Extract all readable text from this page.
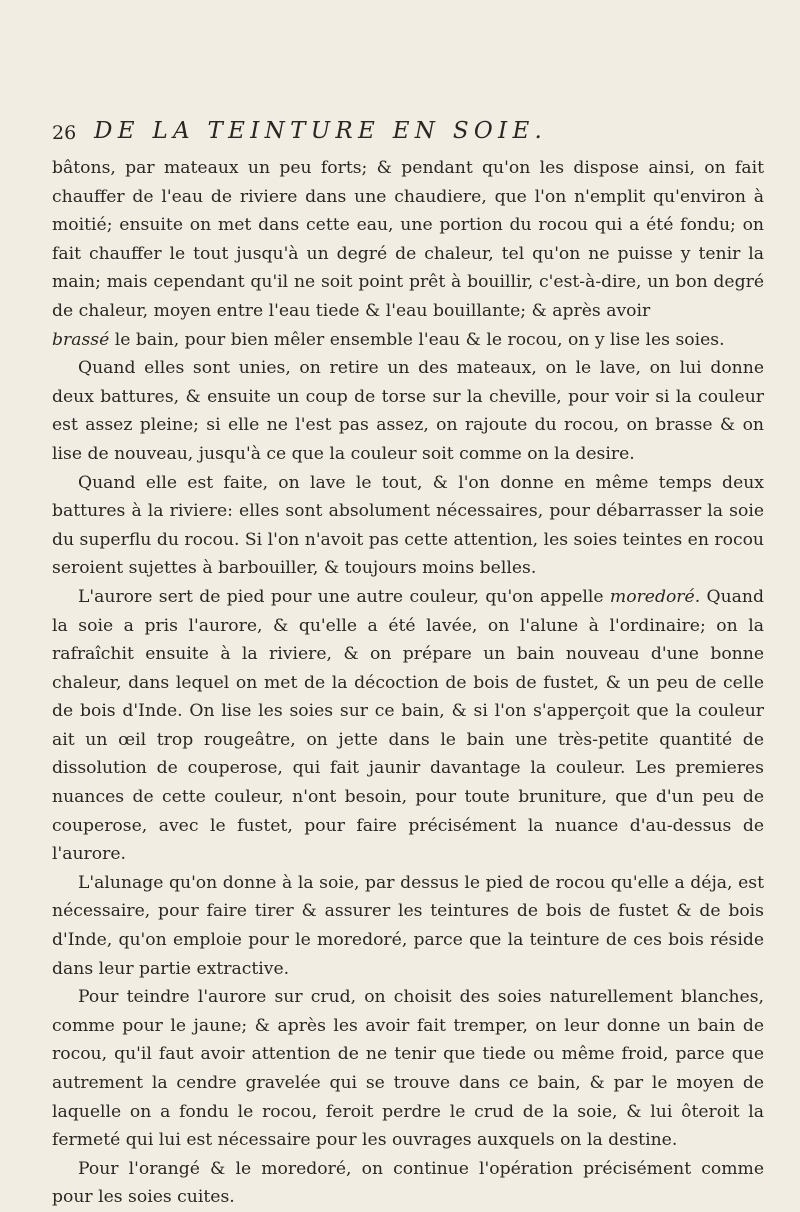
26 DE LA TEINTURE EN SOIE.

bâtons, par mateaux un peu forts; & pendant qu'on les dispose ainsi, on fait chauffer de l'eau de riviere dans une chaudiere, que l'on n'emplit qu'environ à moitié; ensuite on met dans cette eau, une portion du rocou qui a été fondu; on fait chauffer le tout jusqu'à un degré de chaleur, tel qu'on ne puisse y tenir la main; mais cependant qu'il ne soit point prêt à bouillir, c'est-à-dire, un bon degré de chaleur, moyen entre l'eau tiede & l'eau bouillante; & après avoir

brassé le bain, pour bien mêler ensemble l'eau & le rocou, on y lise les soies.

Quand elles sont unies, on retire un des mateaux, on le lave, on lui donne deux battures, & ensuite un coup de torse sur la cheville, pour voir si la couleur est assez pleine; si elle ne l'est pas assez, on rajoute du rocou, on brasse & on lise de nouveau, jusqu'à ce que la couleur soit comme on la desire.

Quand elle est faite, on lave le tout, & l'on donne en même temps deux battures à la riviere: elles sont absolument nécessaires, pour débarrasser la soie du superflu du rocou. Si l'on n'avoit pas cette attention, les soies teintes en rocou seroient sujettes à barbouiller, & toujours moins belles.

L'aurore sert de pied pour une autre couleur, qu'on appelle moredoré. Quand la soie a pris l'aurore, & qu'elle a été lavée, on l'alune à l'ordinaire; on la rafraîchit ensuite à la riviere, & on prépare un bain nouveau d'une bonne chaleur, dans lequel on met de la décoction de bois de fustet, & un peu de celle de bois d'Inde. On lise les soies sur ce bain, & si l'on s'apperçoit que la couleur ait un œil trop rougeâtre, on jette dans le bain une très-petite quantité de dissolution de couperose, qui fait jaunir davantage la couleur. Les premieres nuances de cette couleur, n'ont besoin, pour toute bruniture, que d'un peu de couperose, avec le fustet, pour faire précisément la nuance d'au-dessus de l'aurore.

L'alunage qu'on donne à la soie, par dessus le pied de rocou qu'elle a déja, est nécessaire, pour faire tirer & assurer les teintures de bois de fustet & de bois d'Inde, qu'on emploie pour le moredoré, parce que la teinture de ces bois réside dans leur partie extractive.

Pour teindre l'aurore sur crud, on choisit des soies naturellement blanches, comme pour le jaune; & après les avoir fait tremper, on leur donne un bain de rocou, qu'il faut avoir attention de ne tenir que tiede ou même froid, parce que autrement la cendre gravelée qui se trouve dans ce bain, & par le moyen de laquelle on a fondu le rocou, feroit perdre le crud de la soie, & lui ôteroit la fermeté qui lui est nécessaire pour les ouvrages auxquels on la destine.

Pour l'orangé & le moredoré, on continue l'opération précisément comme pour les soies cuites.
